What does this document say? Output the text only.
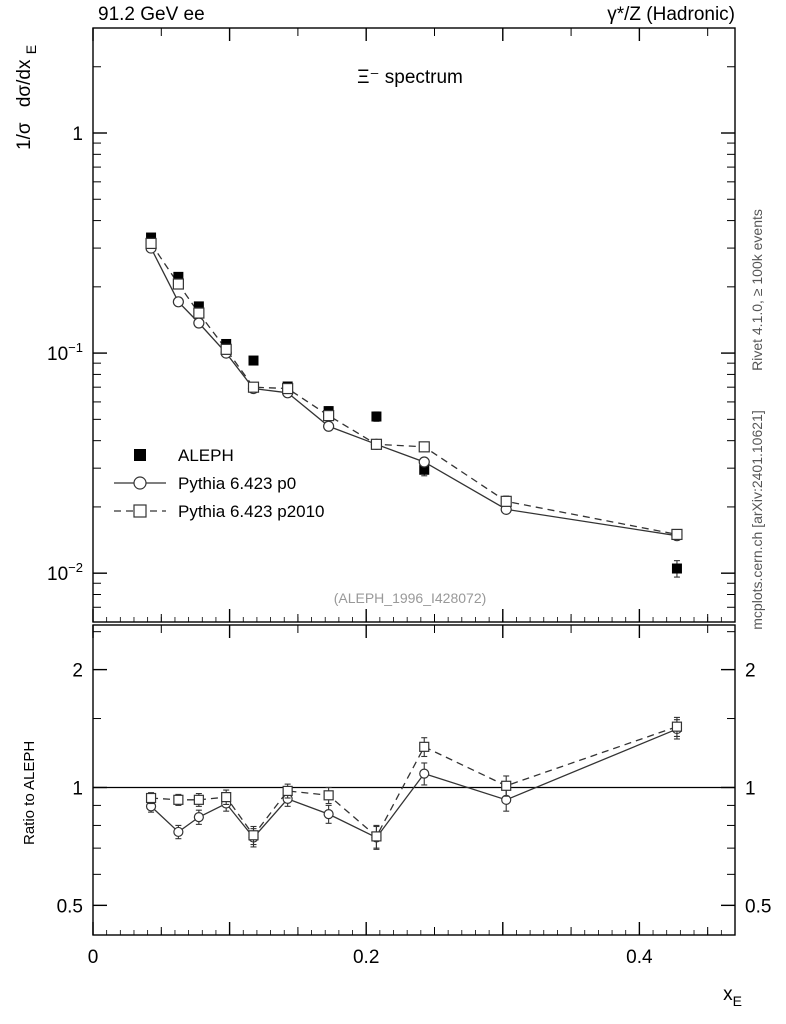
91.2 GeV ee	γ*/Z (Hadronic)
Ξ⁻ spectrum
1/σ dσ/dx $_E$
Ratio to ALEPH
Rivet 4.1.0, ≥ 100k events
mcplots.cern.ch [arXiv:2401.10621]
(ALEPH_1996_I428072)
$10^{-2}$
$10^{-1}$
1
0.5	0.5
1	1
2	2
0	0.2	0.4
ALEPH
Pythia 6.423 p0
Pythia 6.423 p2010
$x_E$
